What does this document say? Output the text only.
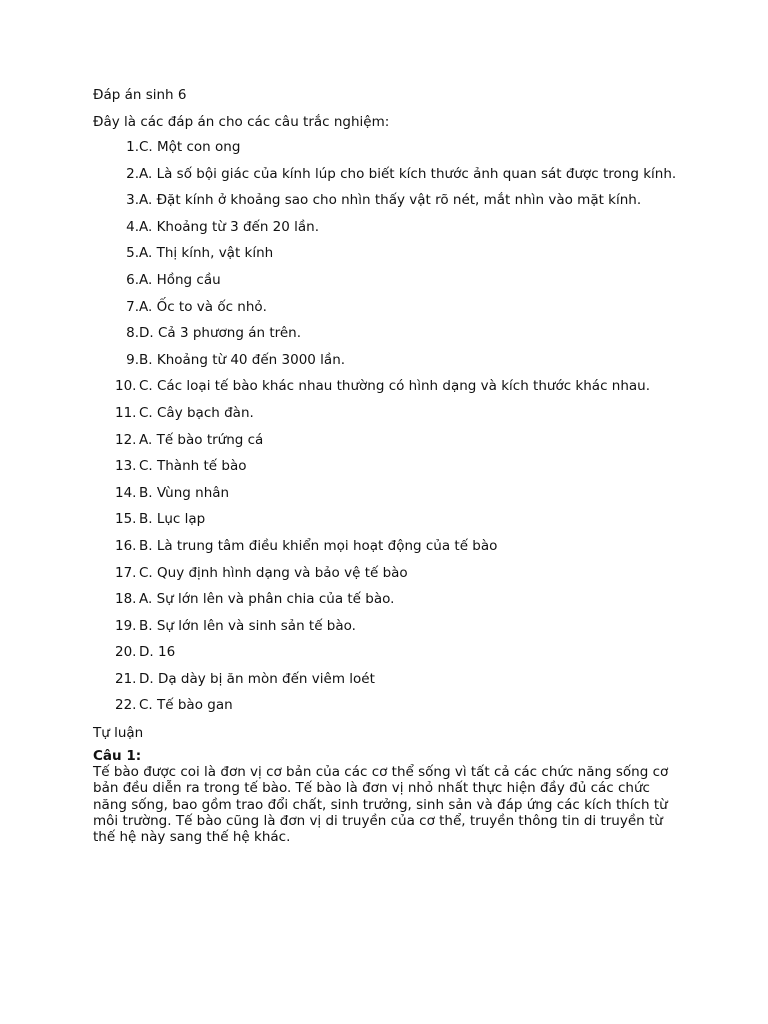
Đáp án sinh 6

Đây là các đáp án cho các câu trắc nghiệm:

1. C. Một con ong
2. A. Là số bội giác của kính lúp cho biết kích thước ảnh quan sát được trong kính.
3. A. Đặt kính ở khoảng sao cho nhìn thấy vật rõ nét, mắt nhìn vào mặt kính.
4. A. Khoảng từ 3 đến 20 lần.
5. A. Thị kính, vật kính
6. A. Hồng cầu
7. A. Ốc to và ốc nhỏ.
8. D. Cả 3 phương án trên.
9. B. Khoảng từ 40 đến 3000 lần.
10. C. Các loại tế bào khác nhau thường có hình dạng và kích thước khác nhau.
11. C. Cây bạch đàn.
12. A. Tế bào trứng cá
13. C. Thành tế bào
14. B. Vùng nhân
15. B. Lục lạp
16. B. Là trung tâm điều khiển mọi hoạt động của tế bào
17. C. Quy định hình dạng và bảo vệ tế bào
18. A. Sự lớn lên và phân chia của tế bào.
19. B. Sự lớn lên và sinh sản tế bào.
20. D. 16
21. D. Dạ dày bị ăn mòn đến viêm loét
22. C. Tế bào gan

Tự luận

Câu 1:

Tế bào được coi là đơn vị cơ bản của các cơ thể sống vì tất cả các chức năng sống cơ bản đều diễn ra trong tế bào. Tế bào là đơn vị nhỏ nhất thực hiện đầy đủ các chức năng sống, bao gồm trao đổi chất, sinh trưởng, sinh sản và đáp ứng các kích thích từ môi trường. Tế bào cũng là đơn vị di truyền của cơ thể, truyền thông tin di truyền từ thế hệ này sang thế hệ khác.
